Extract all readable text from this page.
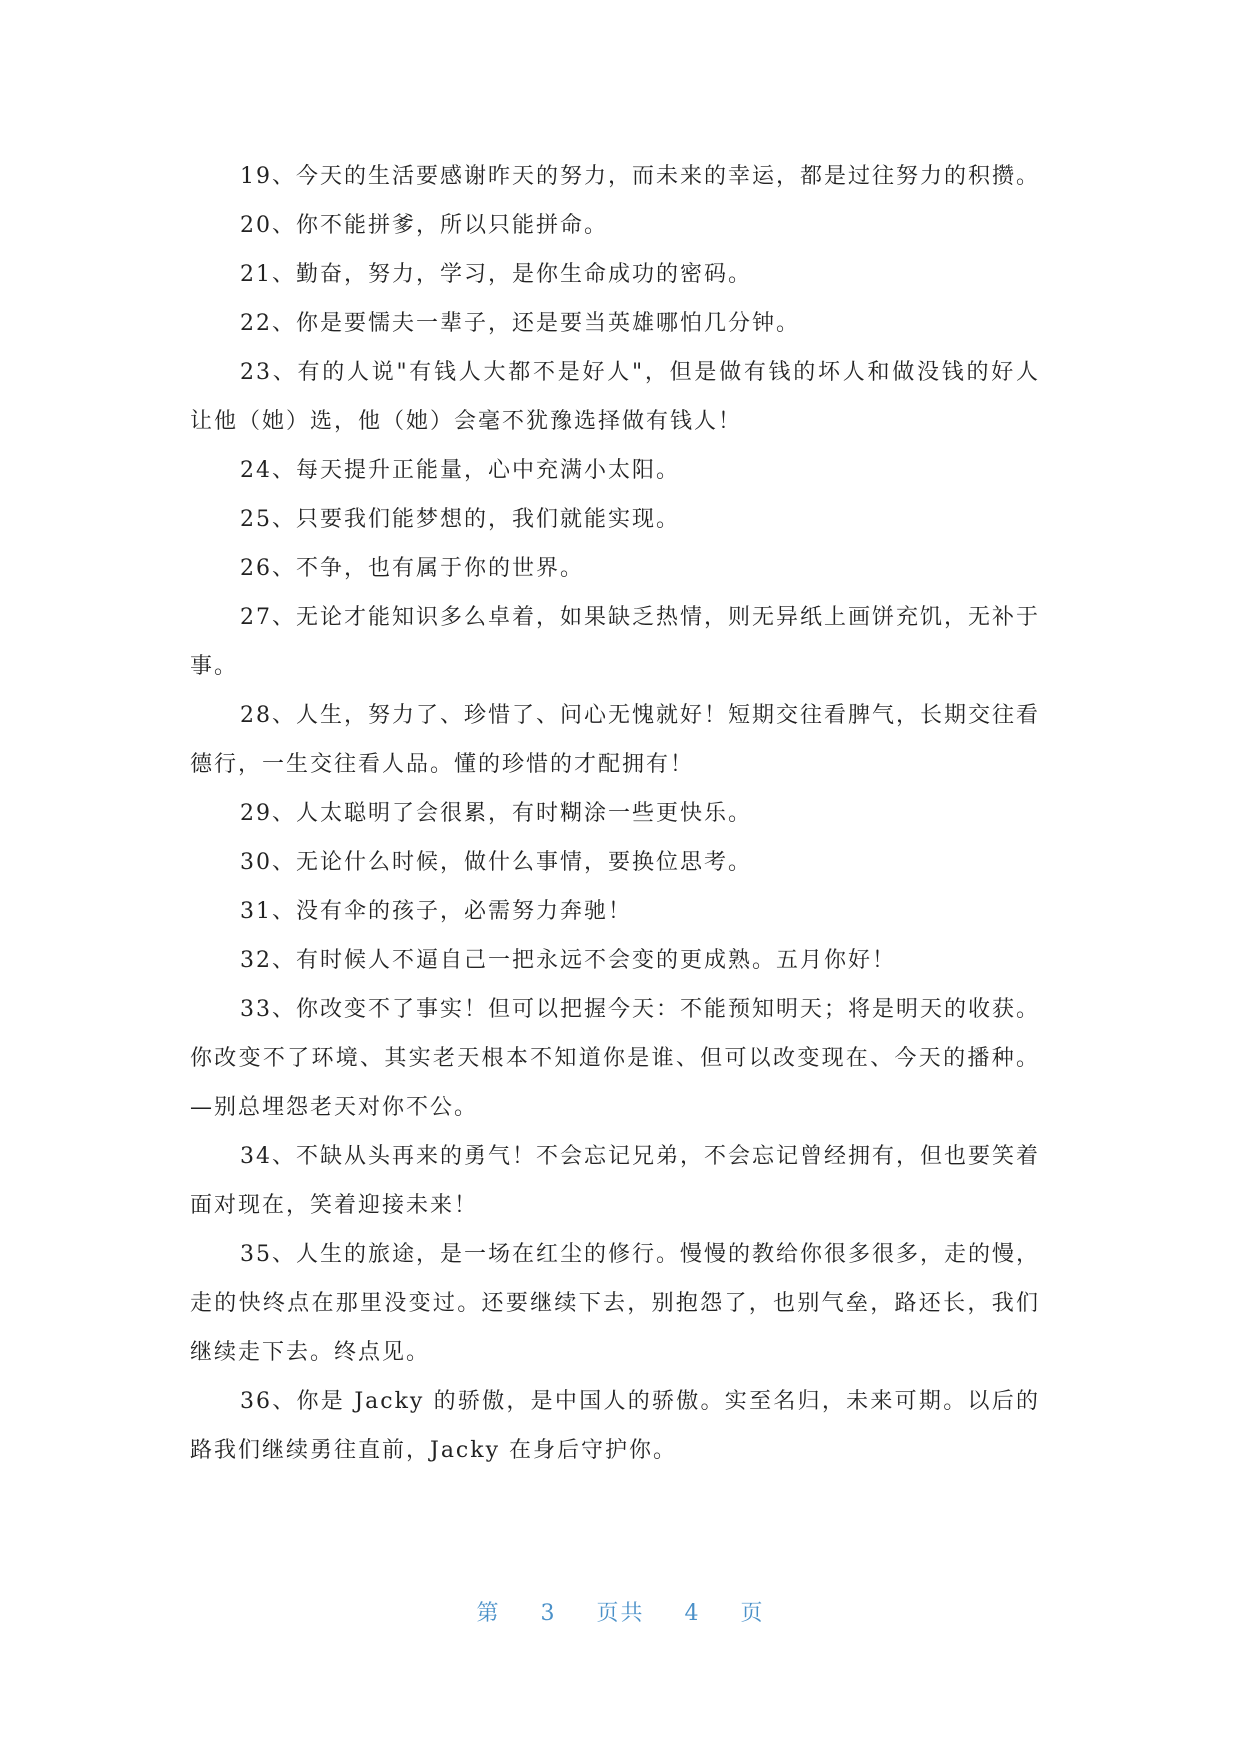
19、今天的生活要感谢昨天的努力，而未来的幸运，都是过往努力的积攒。

20、你不能拼爹，所以只能拼命。

21、勤奋，努力，学习，是你生命成功的密码。

22、你是要懦夫一辈子，还是要当英雄哪怕几分钟。

23、有的人说"有钱人大都不是好人"，但是做有钱的坏人和做没钱的好人让他（她）选，他（她）会毫不犹豫选择做有钱人！

24、每天提升正能量，心中充满小太阳。

25、只要我们能梦想的，我们就能实现。

26、不争，也有属于你的世界。

27、无论才能知识多么卓着，如果缺乏热情，则无异纸上画饼充饥，无补于事。

28、人生，努力了、珍惜了、问心无愧就好！短期交往看脾气，长期交往看德行，一生交往看人品。懂的珍惜的才配拥有！

29、人太聪明了会很累，有时糊涂一些更快乐。

30、无论什么时候，做什么事情，要换位思考。

31、没有伞的孩子，必需努力奔驰！

32、有时候人不逼自己一把永远不会变的更成熟。五月你好！

33、你改变不了事实！但可以把握今天：不能预知明天；将是明天的收获。你改变不了环境、其实老天根本不知道你是谁、但可以改变现在、今天的播种。—别总埋怨老天对你不公。

34、不缺从头再来的勇气！不会忘记兄弟，不会忘记曾经拥有，但也要笑着面对现在，笑着迎接未来！

35、人生的旅途，是一场在红尘的修行。慢慢的教给你很多很多，走的慢，走的快终点在那里没变过。还要继续下去，别抱怨了，也别气垒，路还长，我们继续走下去。终点见。

36、你是 Jacky 的骄傲，是中国人的骄傲。实至名归，未来可期。以后的路我们继续勇往直前，Jacky 在身后守护你。

第 3 页共 4 页
